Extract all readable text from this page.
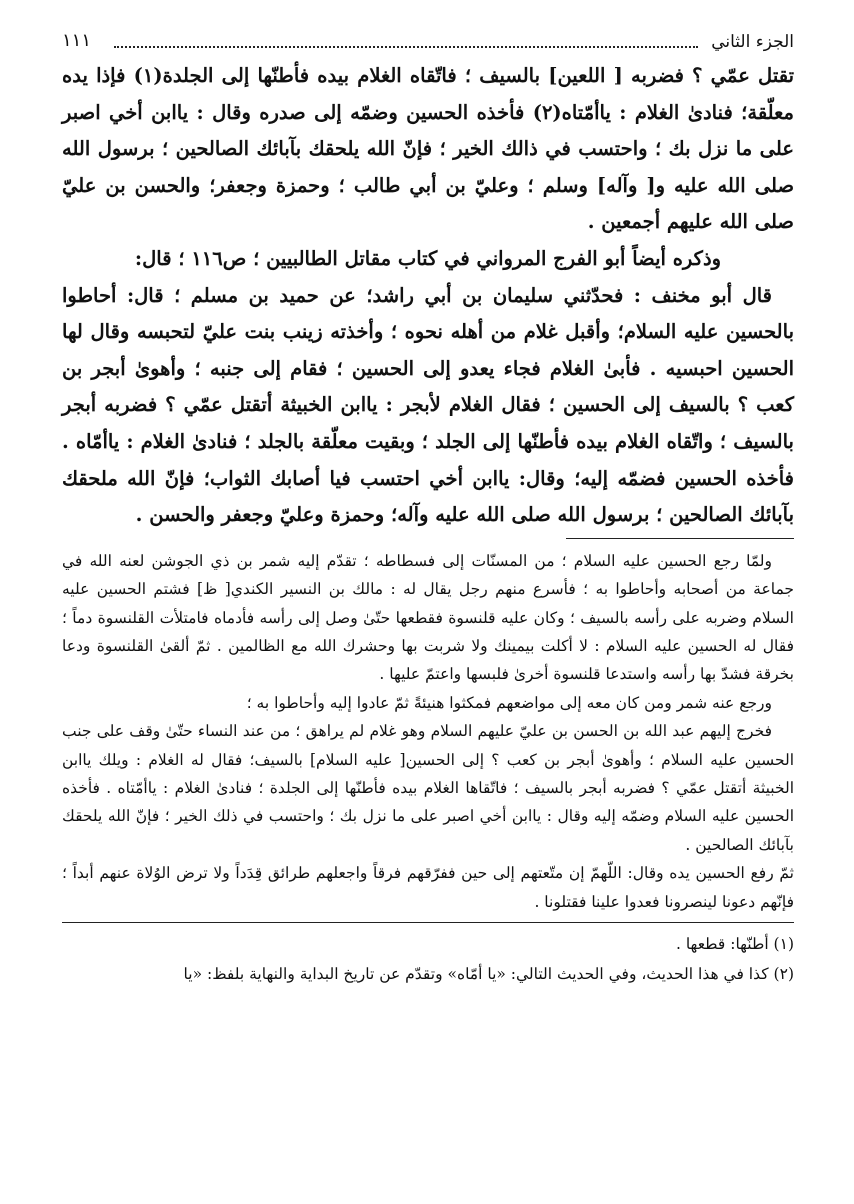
الجزء الثاني
١١١

تقتل عمّي ؟ فضربه [ اللعين] بالسيف ؛ فاتّقاه الغلام بيده فأطنّها إلى الجلدة(١) فإذا يده معلّقة؛ فنادىٰ الغلام : ياأمّتاه(٢) فأخذه الحسين وضمّه إلى صدره وقال : ياابن أخي اصبر على ما نزل بك ؛ واحتسب في ذالك الخير ؛ فإنّ الله يلحقك بآبائك الصالحين ؛ برسول الله صلى الله عليه و[ وآله] وسلم ؛ وعليّ بن أبي طالب ؛ وحمزة وجعفر؛ والحسن بن عليّ صلى الله عليهم أجمعين .

وذكره أيضاً أبو الفرج المرواني في كتاب مقاتل الطالبيين ؛ ص١١٦ ؛ قال:

قال أبو مخنف : فحدّثني سليمان بن أبي راشد؛ عن حميد بن مسلم ؛ قال: أحاطوا بالحسين عليه السلام؛ وأقبل غلام من أهله نحوه ؛ وأخذته زينب بنت عليّ لتحبسه وقال لها الحسين احبسيه . فأبىٰ الغلام فجاء يعدو إلى الحسين ؛ فقام إلى جنبه ؛ وأهوىٰ أبجر بن كعب ؟ بالسيف إلى الحسين ؛ فقال الغلام لأبجر : ياابن الخبيثة أتقتل عمّي ؟ فضربه أبجر بالسيف ؛ واتّقاه الغلام بيده فأطنّها إلى الجلد ؛ وبقيت معلّقة بالجلد ؛ فنادىٰ الغلام : ياأمّاه . فأخذه الحسين فضمّه إليه؛ وقال: ياابن أخي احتسب فيا أصابك الثواب؛ فإنّ الله ملحقك بآبائك الصالحين ؛ برسول الله صلى الله عليه وآله؛ وحمزة وعليّ وجعفر والحسن .

ولمّا رجع الحسين عليه السلام ؛ من المسنّات إلى فسطاطه ؛ تقدّم إليه شمر بن ذي الجوشن لعنه الله في جماعة من أصحابه وأحاطوا به ؛ فأسرع منهم رجل يقال له : مالك بن النسير الكندي[ ظ] فشتم الحسين عليه السلام وضربه على رأسه بالسيف ؛ وكان عليه قلنسوة فقطعها حتّىٰ وصل إلى رأسه فأدماه فامتلأت القلنسوة دماً ؛ فقال له الحسين عليه السلام : لا أكلت بيمينك ولا شربت بها وحشرك الله مع الظالمين . ثمّ ألقىٰ القلنسوة ودعا بخرقة فشدّ بها رأسه واستدعا قلنسوة أخرىٰ فلبسها واعتمّ عليها .

ورجع عنه شمر ومن كان معه إلى مواضعهم فمكثوا هنيئةً ثمّ عادوا إليه وأحاطوا به ؛

فخرج إليهم عبد الله بن الحسن بن عليّ عليهم السلام وهو غلام لم يراهق ؛ من عند النساء حتّىٰ وقف على جنب الحسين عليه السلام ؛ وأهوىٰ أبجر بن كعب ؟ إلى الحسين[ عليه السلام] بالسيف؛ فقال له الغلام : ويلك ياابن الخبيثة أتقتل عمّي ؟ فضربه أبجر بالسيف ؛ فاتّقاها الغلام بيده فأطنّها إلى الجلدة ؛ فنادىٰ الغلام : ياأمّتاه . فأخذه الحسين عليه السلام وضمّه إليه وقال : ياابن أخي اصبر على ما نزل بك ؛ واحتسب في ذلك الخير ؛ فإنّ الله يلحقك بآبائك الصالحين .

ثمّ رفع الحسين يده وقال: اللّهمّ إن متّعتهم إلى حين ففرّقهم فرقاً واجعلهم طرائق قِدَداً ولا ترض الوُلاة عنهم أبداً ؛ فإنّهم دعونا لينصرونا فعدوا علينا فقتلونا .

(١) أطنّها: قطعها .

(٢) كذا في هذا الحديث، وفي الحديث التالي: «يا أمّاه» وتقدّم عن تاريخ البداية والنهاية بلفظ: «يا
